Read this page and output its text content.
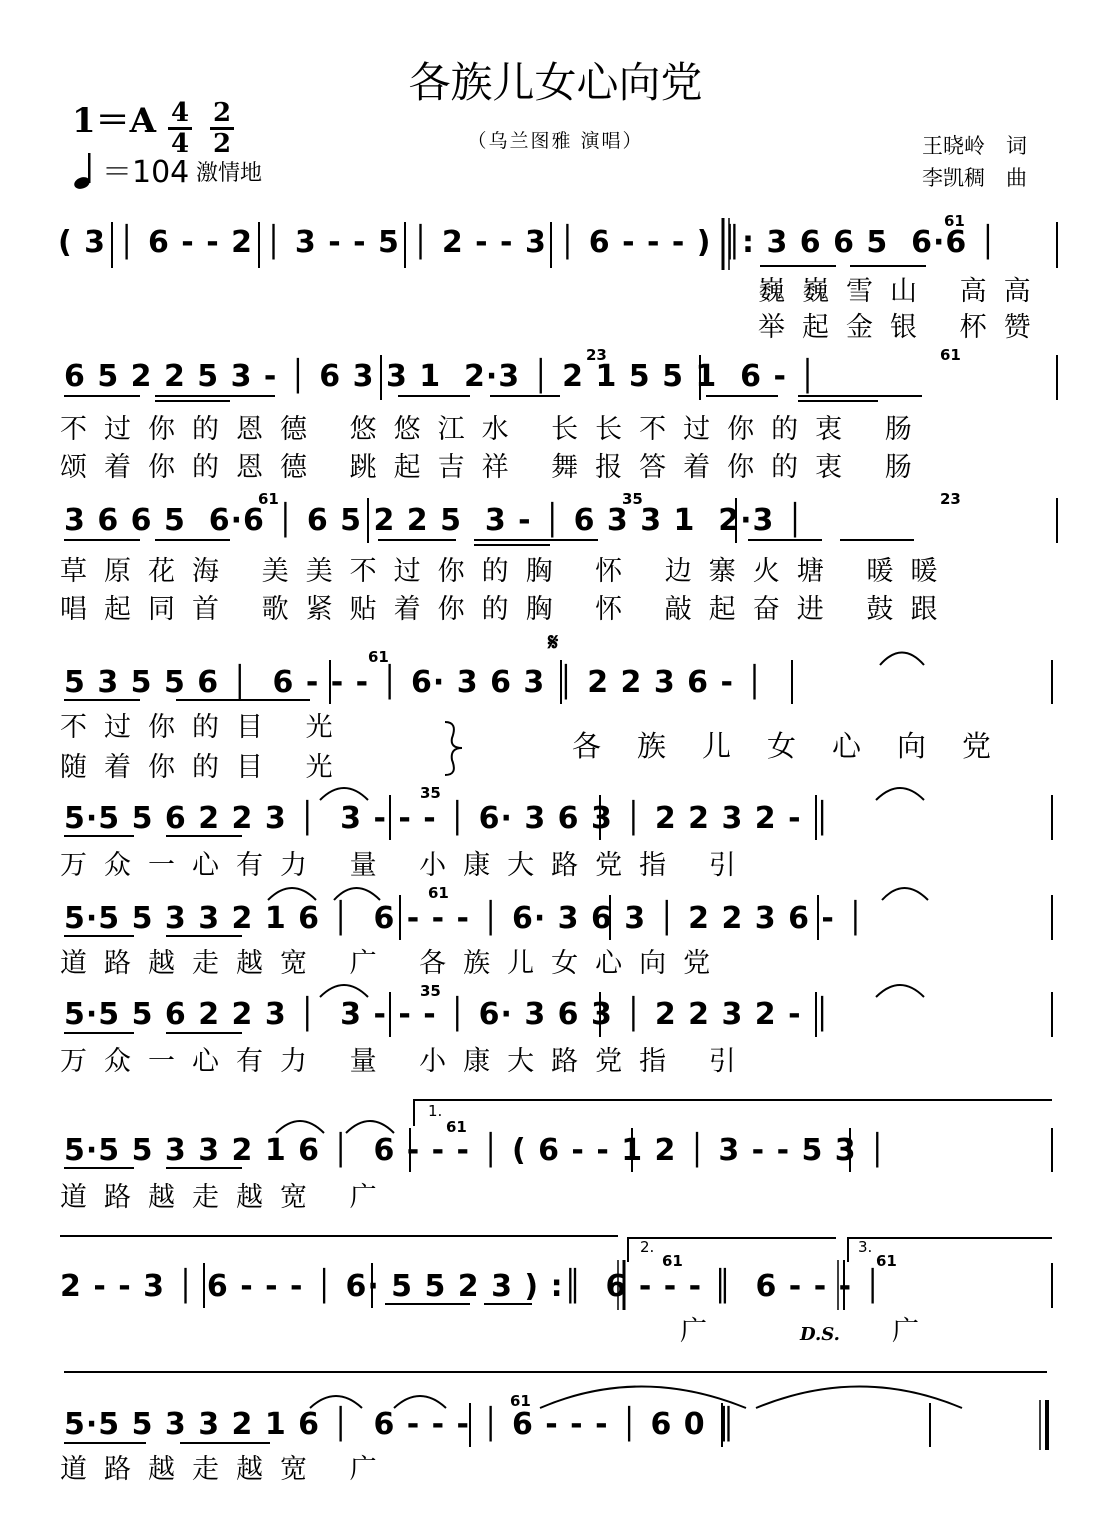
各族儿女心向党
（乌兰图雅 演唱）
1＝A 4
4
2
2
＝104 激情地
王晓岭　词
李凯稠　曲
1.
2.	3.
D.S.
𝄋
61
23	61
61	35	23
61
35
61
35
61
61	61
61
( 3 │ 6 - - 2 │ 3 - - 5 │ 2 - - 3 │ 6 - - - ) ║: 3 6 6 5  6·6 │
巍巍雪山 高高
举起金银 杯赞
6 5 2 2 5 3 - │ 6 3 3 1  2·3 │ 2 1 5 5 1  6 - │
不过你的恩德 悠悠江水 长长不过你的衷 肠
颂着你的恩德 跳起吉祥 舞报答着你的衷 肠
3 6 6 5  6·6 │ 6 5 2 2 5  3 - │ 6 3 3 1  2·3 │
草原花海 美美不过你的胸 怀 边寨火塘 暖暖
唱起同首 歌紧贴着你的胸 怀 敲起奋进 鼓跟
5 3 5 5 6 │  6 - - - │ 6· 3 6 3 │ 2 2 3 6 - │
不过你的目 光
随着你的目 光
各族儿女心向党
5·5 5 6 2 2 3 │  3 - - - │ 6· 3 6 3 │ 2 2 3 2 - │
万众一心有力 量 小康大路党指 引
5·5 5 3 3 2 1 6 │  6 - - - │ 6· 3 6 3 │ 2 2 3 6 - │
道路越走越宽 广 各族儿女心向党
5·5 5 6 2 2 3 │  3 - - - │ 6· 3 6 3 │ 2 2 3 2 - │
万众一心有力 量 小康大路党指 引
5·5 5 3 3 2 1 6 │  6 - - - │ ( 6 - - 1 2 │ 3 - - 5 3 │
道路越走越宽 广
2 - - 3 │ 6 - - - │ 6· 5 5 2 3 ) :║  6 - - - ║  6 - - - │
广	广
5·5 5 3 3 2 1 6 │  6 - - - │ 6 - - - │ 6 0 ║
道路越走越宽 广
